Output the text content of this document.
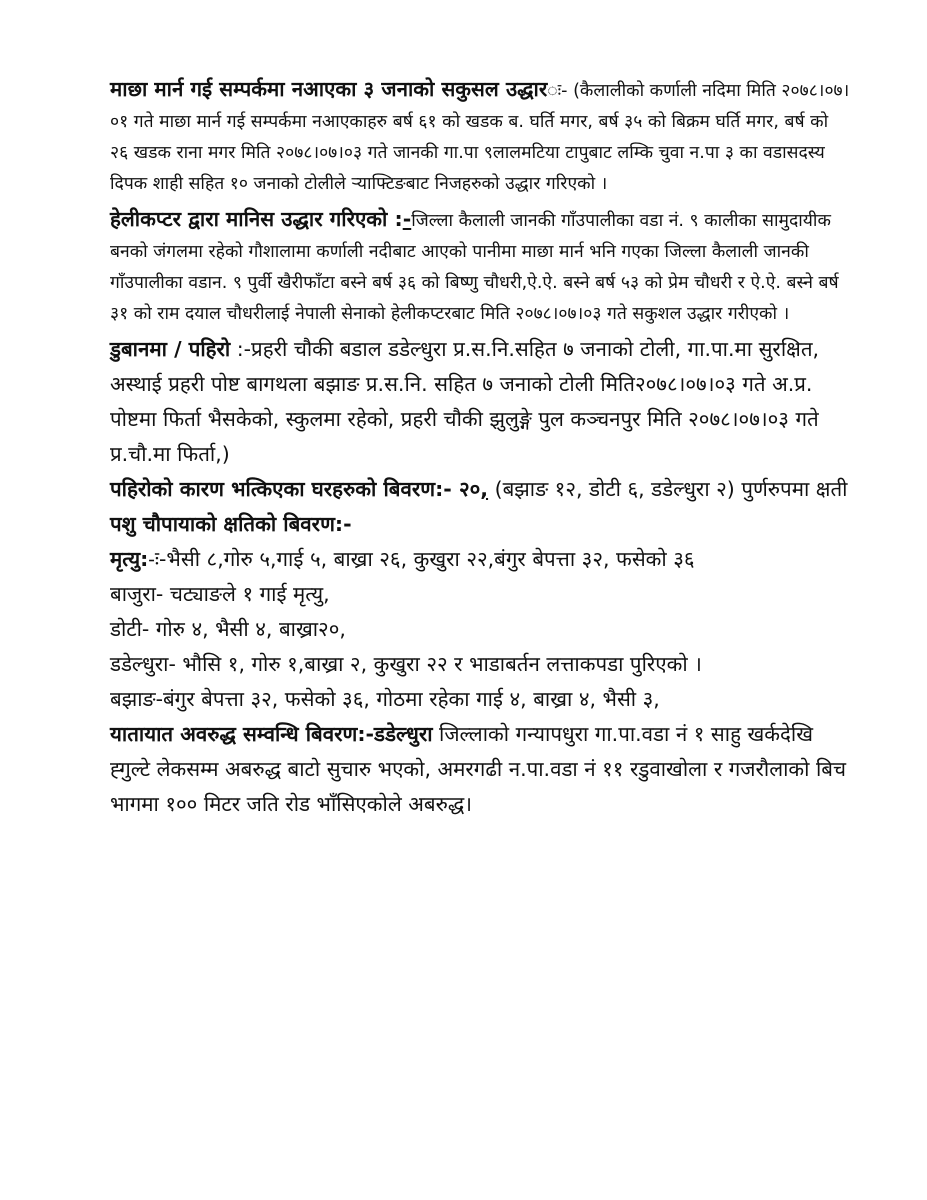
माछा मार्न गई सम्पर्कमा नआएका ३ जनाको सकुसल उद्धारः- (कैलालीको कर्णाली नदिमा मिति २०७८।०७।०१ गते माछा मार्न गई सम्पर्कमा नआएकाहरु बर्ष ६१ को खडक ब. घर्ति मगर, बर्ष ३५ को बिक्रम घर्ति मगर, बर्ष को २६ खडक राना मगर मिति २०७८।०७।०३ गते जानकी गा.पा ९लालमटिया टापुबाट लम्कि चुवा न.पा ३ का वडासदस्य दिपक शाही सहित १० जनाको टोलीले र्‍याफ्टिङबाट निजहरुको उद्धार गरिएको ।

हेलीकप्टर द्वारा मानिस उद्धार गरिएको :-जिल्ला कैलाली जानकी गाँउपालीका वडा नं. ९ कालीका सामुदायीक बनको जंगलमा रहेको गौशालामा कर्णाली नदीबाट आएको पानीमा माछा मार्न भनि गएका जिल्ला कैलाली जानकी गाँउपालीका वडान. ९ पुर्वी खैरीफाँटा बस्ने बर्ष ३६ को बिष्णु चौधरी,ऐ.ऐ. बस्ने बर्ष ५३ को प्रेम चौधरी र ऐ.ऐ. बस्ने बर्ष ३१ को राम दयाल चौधरीलाई नेपाली सेनाको हेलीकप्टरबाट मिति २०७८।०७।०३ गते सकुशल उद्धार गरीएको ।

डुबानमा / पहिरो :-प्रहरी चौकी बडाल डडेल्धुरा प्र.स.नि.सहित ७ जनाको टोली, गा.पा.मा सुरक्षित, अस्थाई प्रहरी पोष्ट बागथला बझाङ प्र.स.नि. सहित ७ जनाको टोली मिति२०७८।०७।०३ गते अ.प्र. पोष्टमा फिर्ता भैसकेको, स्कुलमा रहेको, प्रहरी चौकी झुलुङ्गे पुल कञ्चनपुर मिति २०७८।०७।०३ गते प्र.चौ.मा फिर्ता,)

पहिरोको कारण भत्किएका घरहरुको बिवरण:- २०, (बझाङ १२, डोटी ६, डडेल्धुरा २) पुर्णरुपमा क्षती

पशु चौपायाको क्षतिको बिवरण:-

मृत्यु:-ः-भैसी ८,गोरु ५,गाई ५, बाख्रा २६, कुखुरा २२,बंगुर बेपत्ता ३२, फसेको ३६

बाजुरा- चट्याङले १ गाई मृत्यु,

डोटी- गोरु ४, भैसी ४, बाख्रा२०,

डडेल्धुरा- भौसि १, गोरु १,बाख्रा २, कुखुरा २२ र भाडाबर्तन लत्ताकपडा पुरिएको ।

बझाङ-बंगुर बेपत्ता ३२, फसेको ३६, गोठमा रहेका गाई ४, बाख्रा ४, भैसी ३,

यातायात अवरुद्ध सम्वन्धि बिवरण:-डडेल्धुरा जिल्लाको गन्यापधुरा गा.पा.वडा नं १ साहु खर्कदेखि ह्गुल्टे लेकसम्म अबरुद्ध बाटो सुचारु भएको, अमरगढी न.पा.वडा नं ११ रडुवाखोला र गजरौलाको बिच भागमा १०० मिटर जति रोड भाँसिएकोले अबरुद्ध।
